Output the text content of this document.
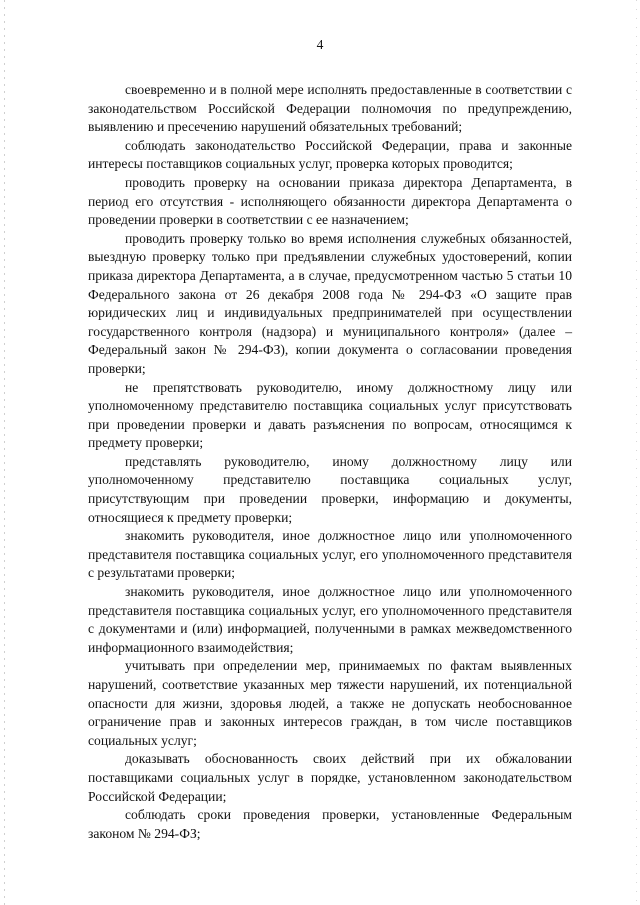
4

своевременно и в полной мере исполнять предоставленные в соответствии с законодательством Российской Федерации полномочия по предупреждению, выявлению и пресечению нарушений обязательных требований;

соблюдать законодательство Российской Федерации, права и законные интересы поставщиков социальных услуг, проверка которых проводится;

проводить проверку на основании приказа директора Департамента, в период его отсутствия - исполняющего обязанности директора Департамента о проведении проверки в соответствии с ее назначением;

проводить проверку только во время исполнения служебных обязанностей, выездную проверку только при предъявлении служебных удостоверений, копии приказа директора Департамента, а в случае, предусмотренном частью 5 статьи 10 Федерального закона от 26 декабря 2008 года № 294-ФЗ «О защите прав юридических лиц и индивидуальных предпринимателей при осуществлении государственного контроля (надзора) и муниципального контроля» (далее – Федеральный закон № 294-ФЗ), копии документа о согласовании проведения проверки;

не препятствовать руководителю, иному должностному лицу или уполномоченному представителю поставщика социальных услуг присутствовать при проведении проверки и давать разъяснения по вопросам, относящимся к предмету проверки;

представлять руководителю, иному должностному лицу или уполномоченному представителю поставщика социальных услуг, присутствующим при проведении проверки, информацию и документы, относящиеся к предмету проверки;

знакомить руководителя, иное должностное лицо или уполномоченного представителя поставщика социальных услуг, его уполномоченного представителя с результатами проверки;

знакомить руководителя, иное должностное лицо или уполномоченного представителя поставщика социальных услуг, его уполномоченного представителя с документами и (или) информацией, полученными в рамках межведомственного информационного взаимодействия;

учитывать при определении мер, принимаемых по фактам выявленных нарушений, соответствие указанных мер тяжести нарушений, их потенциальной опасности для жизни, здоровья людей, а также не допускать необоснованное ограничение прав и законных интересов граждан, в том числе поставщиков социальных услуг;

доказывать обоснованность своих действий при их обжаловании поставщиками социальных услуг в порядке, установленном законодательством Российской Федерации;

соблюдать сроки проведения проверки, установленные Федеральным законом № 294-ФЗ;
